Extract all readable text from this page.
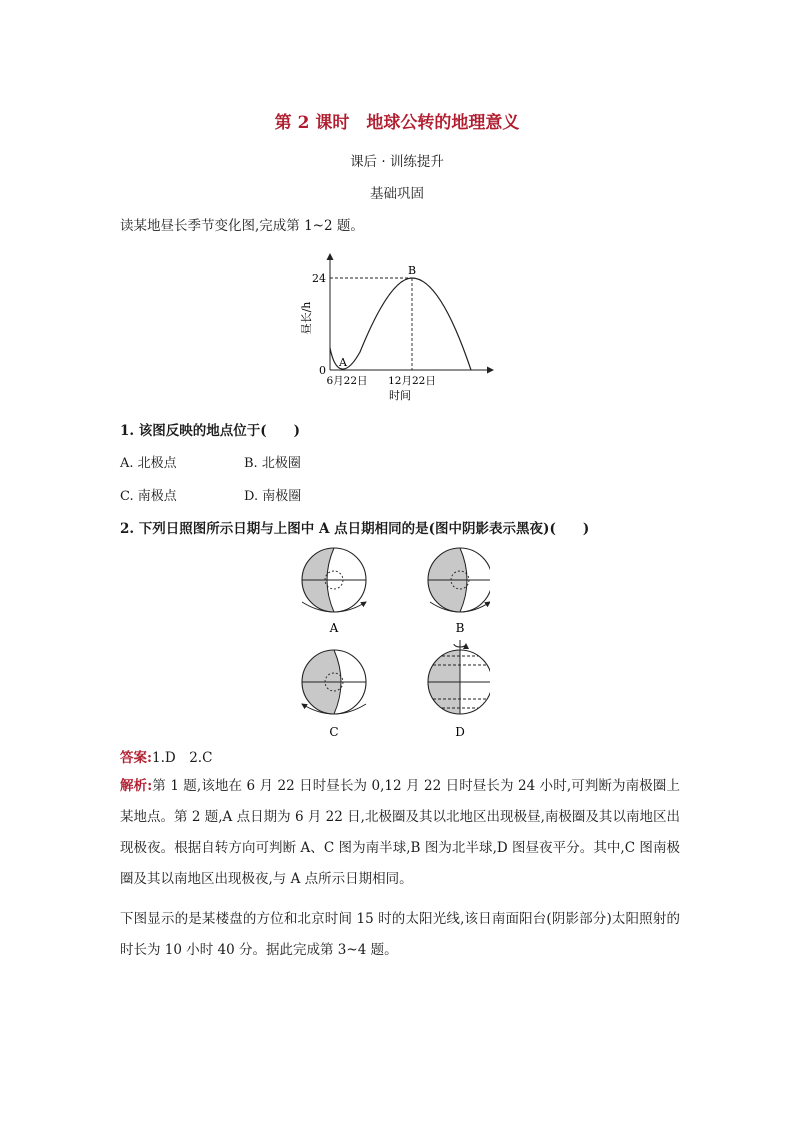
第 2 课时　地球公转的地理意义
课后 · 训练提升
基础巩固
读某地昼长季节变化图,完成第 1~2 题。
昼长/h
24
0
A
B
6月22日 12月22日
时间
1. 该图反映的地点位于(　　)
A. 北极点	B. 北极圈
C. 南极点	D. 南极圈
2. 下列日照图所示日期与上图中 A 点日期相同的是(图中阴影表示黑夜)(　　)
A	B
C	D
答案:1.D　2.C
解析:第 1 题,该地在 6 月 22 日时昼长为 0,12 月 22 日时昼长为 24 小时,可判断为南极圈上某地点。第 2 题,A 点日期为 6 月 22 日,北极圈及其以北地区出现极昼,南极圈及其以南地区出现极夜。根据自转方向可判断 A、C 图为南半球,B 图为北半球,D 图昼夜平分。其中,C 图南极圈及其以南地区出现极夜,与 A 点所示日期相同。
下图显示的是某楼盘的方位和北京时间 15 时的太阳光线,该日南面阳台(阴影部分)太阳照射的时长为 10 小时 40 分。据此完成第 3~4 题。
